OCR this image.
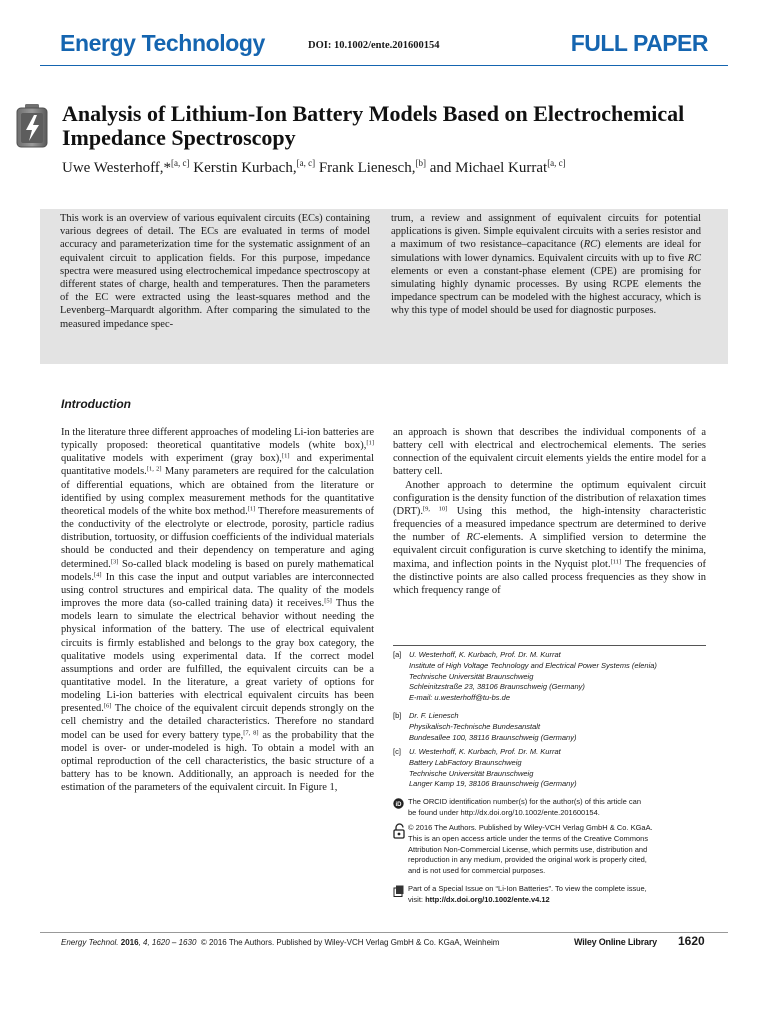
Energy Technology	DOI: 10.1002/ente.201600154	FULL PAPER
Analysis of Lithium-Ion Battery Models Based on Electrochemical Impedance Spectroscopy
Uwe Westerhoff,*[a, c] Kerstin Kurbach,[a, c] Frank Lienesch,[b] and Michael Kurrat[a, c]
This work is an overview of various equivalent circuits (ECs) containing various degrees of detail. The ECs are evaluated in terms of model accuracy and parameterization time for the systematic assignment of an equivalent circuit to application fields. For this purpose, impedance spectra were measured using electrochemical impedance spectroscopy at different states of charge, health and temperatures. Then the parameters of the EC were extracted using the least-squares method and the Levenberg–Marquardt algorithm. After comparing the simulated to the measured impedance spec-
trum, a review and assignment of equivalent circuits for potential applications is given. Simple equivalent circuits with a series resistor and a maximum of two resistance–capacitance (RC) elements are ideal for simulations with lower dynamics. Equivalent circuits with up to five RC elements or even a constant-phase element (CPE) are promising for simulating highly dynamic processes. By using RCPE elements the impedance spectrum can be modeled with the highest accuracy, which is why this type of model should be used for diagnostic purposes.
Introduction

In the literature three different approaches of modeling Li-ion batteries are typically proposed: theoretical quantitative models (white box),[1] qualitative models with experiment (gray box),[1] and experimental quantitative models.[1, 2] Many parameters are required for the calculation of differential equations, which are obtained from the literature or identified by using complex measurement methods for the quantitative theoretical models of the white box method.[1] Therefore measurements of the conductivity of the electrolyte or electrode, porosity, particle radius distribution, tortuosity, or diffusion coefficients of the individual materials should be conducted and their dependency on temperature and aging determined.[3] So-called black modeling is based on purely mathematical models.[4] In this case the input and output variables are interconnected using control structures and empirical data. The quality of the models improves the more data (so-called training data) it receives.[5] Thus the models learn to simulate the electrical behavior without needing the physical information of the battery. The use of electrical equivalent circuits is firmly established and belongs to the gray box category, the qualitative models using experimental data. If the correct model assumptions and order are fulfilled, the equivalent circuits can be a quantitative model. In the literature, a great variety of options for modeling Li-ion batteries with electrical equivalent circuits has been presented.[6] The choice of the equivalent circuit depends strongly on the cell chemistry and the detailed characteristics. Therefore no standard model can be used for every battery type,[7, 8] as the probability that the model is over- or under-modeled is high. To obtain a model with an optimal reproduction of the cell characteristics, the basic structure of a battery has to be known. Additionally, an approach is needed for the estimation of the parameters of the equivalent circuit. In Figure 1,

an approach is shown that describes the individual components of a battery cell with electrical and electrochemical elements. The series connection of the equivalent circuit elements yields the entire model for a battery cell.

Another approach to determine the optimum equivalent circuit configuration is the density function of the distribution of relaxation times (DRT).[9, 10] Using this method, the high-intensity characteristic frequencies of a measured impedance spectrum are determined to derive the number of RC-elements. A simplified version to determine the equivalent circuit configuration is curve sketching to identify the minima, maxima, and inflection points in the Nyquist plot.[11] The frequencies of the distinctive points are also called process frequencies as they show in which frequency range of

[a] U. Westerhoff, K. Kurbach, Prof. Dr. M. Kurrat
Institute of High Voltage Technology and Electrical Power Systems (elenia)
Technische Universität Braunschweig
Schleinitzstraße 23, 38106 Braunschweig (Germany)
E-mail: u.westerhoff@tu-bs.de
[b] Dr. F. Lienesch
Physikalisch-Technische Bundesanstalt
Bundesallee 100, 38116 Braunschweig (Germany)
[c] U. Westerhoff, K. Kurbach, Prof. Dr. M. Kurrat
Battery LabFactory Braunschweig
Technische Universität Braunschweig
Langer Kamp 19, 38106 Braunschweig (Germany)
iD The ORCID identification number(s) for the author(s) of this article can
be found under http://dx.doi.org/10.1002/ente.201600154.
© 2016 The Authors. Published by Wiley-VCH Verlag GmbH & Co. KGaA.
This is an open access article under the terms of the Creative Commons
Attribution Non-Commercial License, which permits use, distribution and
reproduction in any medium, provided the original work is properly cited,
and is not used for commercial purposes.
Part of a Special Issue on “Li-Ion Batteries”. To view the complete issue,
visit: http://dx.doi.org/10.1002/ente.v4.12
Energy Technol. 2016, 4, 1620 – 1630 © 2016 The Authors. Published by Wiley-VCH Verlag GmbH & Co. KGaA, Weinheim	Wiley Online Library 1620
